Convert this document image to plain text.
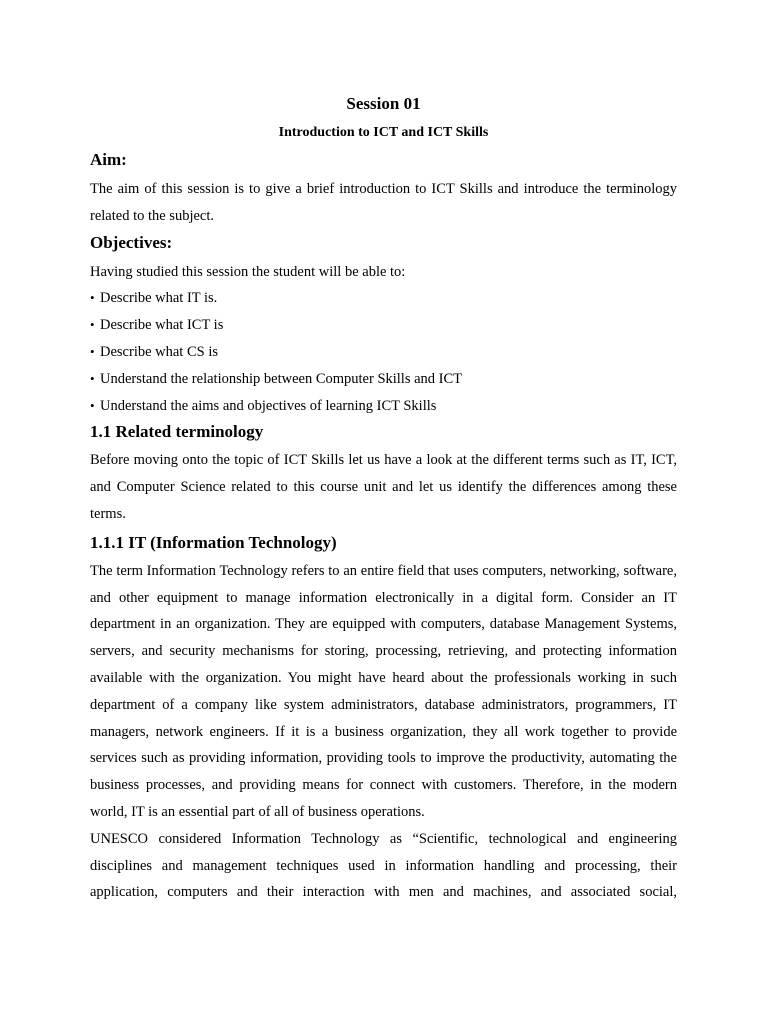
Session 01
Introduction to ICT and ICT Skills
Aim:

The aim of this session is to give a brief introduction to ICT Skills and introduce the terminology related to the subject.

Objectives:

Having studied this session the student will be able to:

• Describe what IT is.
• Describe what ICT is
• Describe what CS is
• Understand the relationship between Computer Skills and ICT
• Understand the aims and objectives of learning ICT Skills
1.1 Related terminology

Before moving onto the topic of ICT Skills let us have a look at the different terms such as IT, ICT, and Computer Science related to this course unit and let us identify the differences among these terms.

1.1.1 IT (Information Technology)

The term Information Technology refers to an entire field that uses computers, networking, software, and other equipment to manage information electronically in a digital form. Consider an IT department in an organization. They are equipped with computers, database Management Systems, servers, and security mechanisms for storing, processing, retrieving, and protecting information available with the organization. You might have heard about the professionals working in such department of a company like system administrators, database administrators, programmers, IT managers, network engineers. If it is a business organization, they all work together to provide services such as providing information, providing tools to improve the productivity, automating the business processes, and providing means for connect with customers. Therefore, in the modern world, IT is an essential part of all of business operations.

UNESCO considered Information Technology as “Scientific, technological and engineering disciplines and management techniques used in information handling and processing, their application, computers and their interaction with men and machines, and associated social,
